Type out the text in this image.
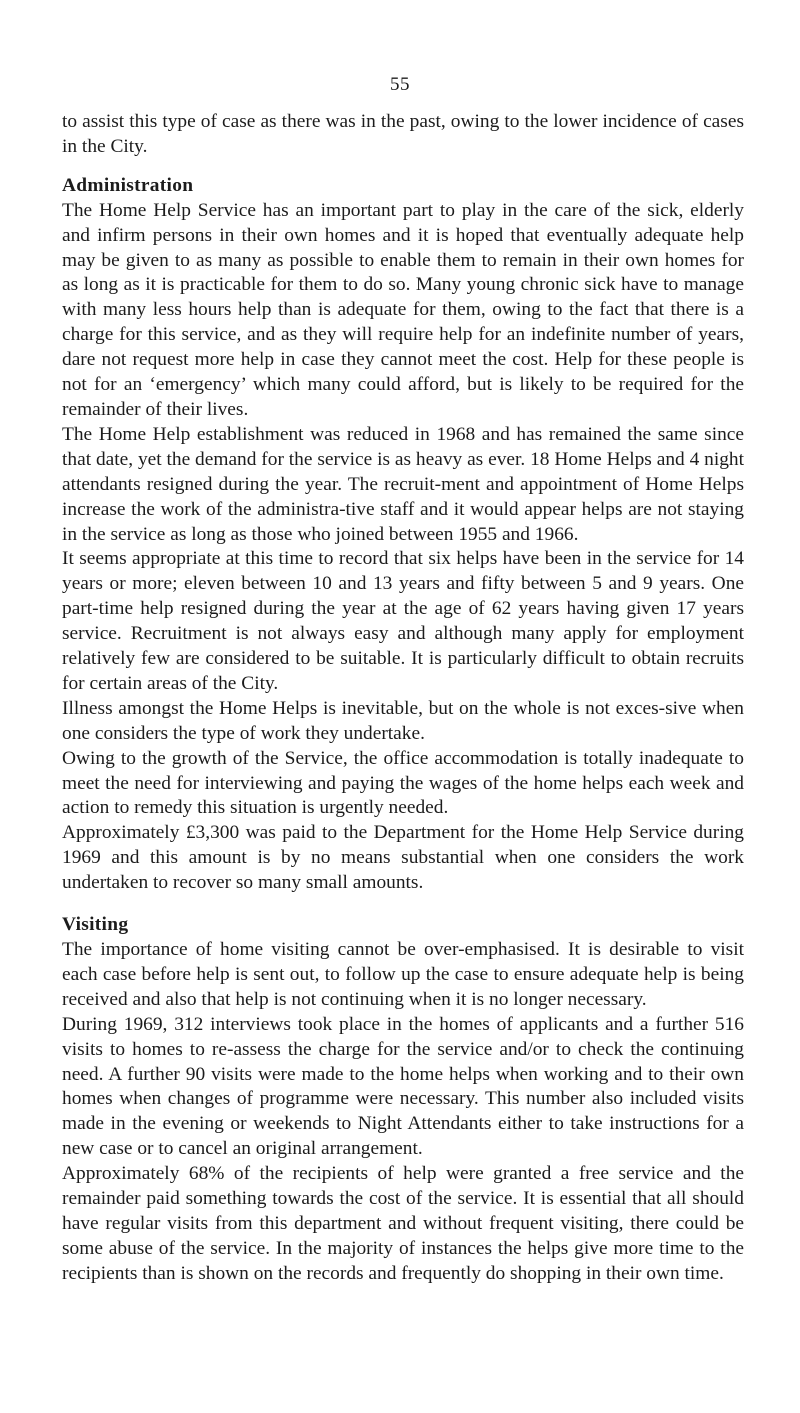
55

to assist this type of case as there was in the past, owing to the lower incidence of cases in the City.

Administration

The Home Help Service has an important part to play in the care of the sick, elderly and infirm persons in their own homes and it is hoped that eventually adequate help may be given to as many as possible to enable them to remain in their own homes for as long as it is practicable for them to do so. Many young chronic sick have to manage with many less hours help than is adequate for them, owing to the fact that there is a charge for this service, and as they will require help for an indefinite number of years, dare not request more help in case they cannot meet the cost. Help for these people is not for an ‘emergency’ which many could afford, but is likely to be required for the remainder of their lives.

The Home Help establishment was reduced in 1968 and has remained the same since that date, yet the demand for the service is as heavy as ever. 18 Home Helps and 4 night attendants resigned during the year. The recruit-ment and appointment of Home Helps increase the work of the administra-tive staff and it would appear helps are not staying in the service as long as those who joined between 1955 and 1966.

It seems appropriate at this time to record that six helps have been in the service for 14 years or more; eleven between 10 and 13 years and fifty between 5 and 9 years. One part-time help resigned during the year at the age of 62 years having given 17 years service. Recruitment is not always easy and although many apply for employment relatively few are considered to be suitable. It is particularly difficult to obtain recruits for certain areas of the City.

Illness amongst the Home Helps is inevitable, but on the whole is not exces-sive when one considers the type of work they undertake.

Owing to the growth of the Service, the office accommodation is totally inadequate to meet the need for interviewing and paying the wages of the home helps each week and action to remedy this situation is urgently needed.

Approximately £3,300 was paid to the Department for the Home Help Service during 1969 and this amount is by no means substantial when one considers the work undertaken to recover so many small amounts.

Visiting

The importance of home visiting cannot be over-emphasised. It is desirable to visit each case before help is sent out, to follow up the case to ensure adequate help is being received and also that help is not continuing when it is no longer necessary.

During 1969, 312 interviews took place in the homes of applicants and a further 516 visits to homes to re-assess the charge for the service and/or to check the continuing need. A further 90 visits were made to the home helps when working and to their own homes when changes of programme were necessary. This number also included visits made in the evening or weekends to Night Attendants either to take instructions for a new case or to cancel an original arrangement.

Approximately 68% of the recipients of help were granted a free service and the remainder paid something towards the cost of the service. It is essential that all should have regular visits from this department and without frequent visiting, there could be some abuse of the service. In the majority of instances the helps give more time to the recipients than is shown on the records and frequently do shopping in their own time.
